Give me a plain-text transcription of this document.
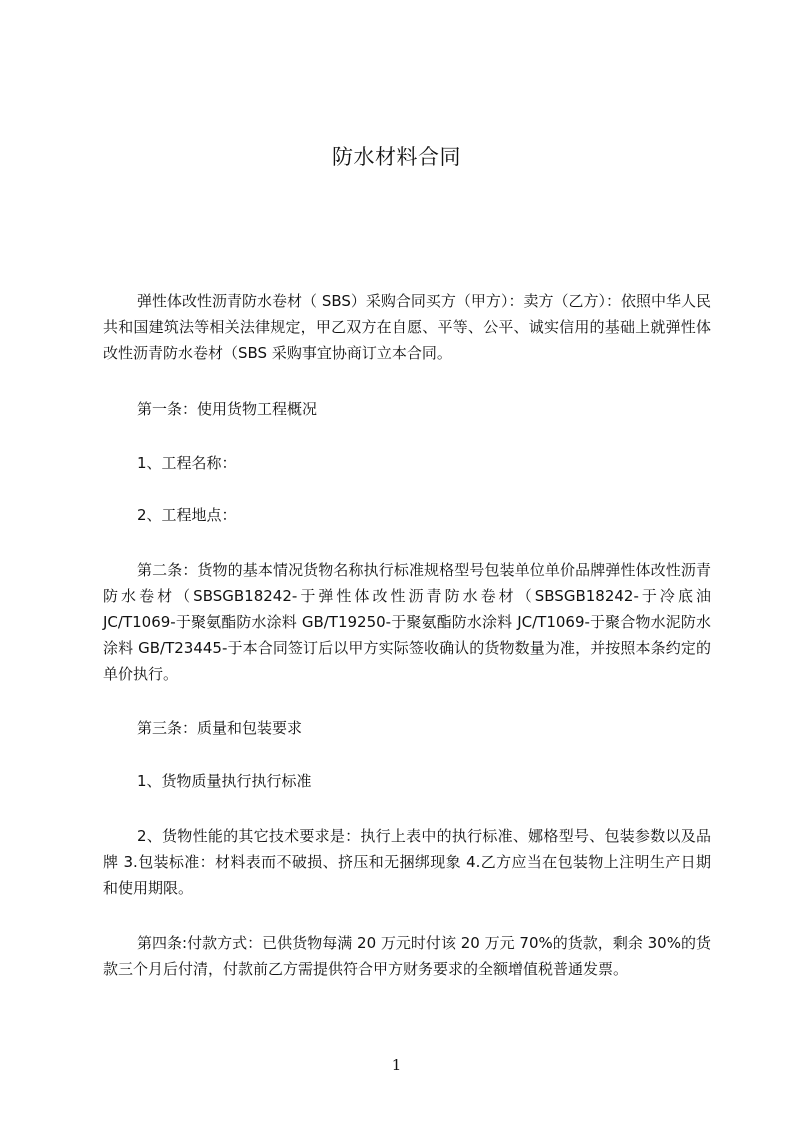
防水材料合同

弹性体改性沥青防水卷材（ SBS）采购合同买方（甲方）：卖方（乙方）：依照中华人民共和国建筑法等相关法律规定，甲乙双方在自愿、平等、公平、诚实信用的基础上就弹性体改性沥青防水卷材（SBS 采购事宜协商订立本合同。

第一条：使用货物工程概况

1、工程名称：

2、工程地点：

第二条：货物的基本情况货物名称执行标准规格型号包装单位单价品牌弹性体改性沥青防水卷材（SBSGB18242-于弹性体改性沥青防水卷材（SBSGB18242-于冷底油JC/T1069-于聚氨酯防水涂料 GB/T19250-于聚氨酯防水涂料 JC/T1069-于聚合物水泥防水涂料 GB/T23445-于本合同签订后以甲方实际签收确认的货物数量为准，并按照本条约定的单价执行。

第三条：质量和包装要求

1、货物质量执行执行标准

2、货物性能的其它技术要求是：执行上表中的执行标准、娜格型号、包装参数以及品牌 3.包装标准：材料表而不破损、挤压和无捆绑现象 4.乙方应当在包装物上注明生产日期和使用期限。

第四条:付款方式：已供货物每满 20 万元时付该 20 万元 70%的货款，剩余 30%的货款三个月后付清，付款前乙方需提供符合甲方财务要求的全额增值税普通发票。

1
